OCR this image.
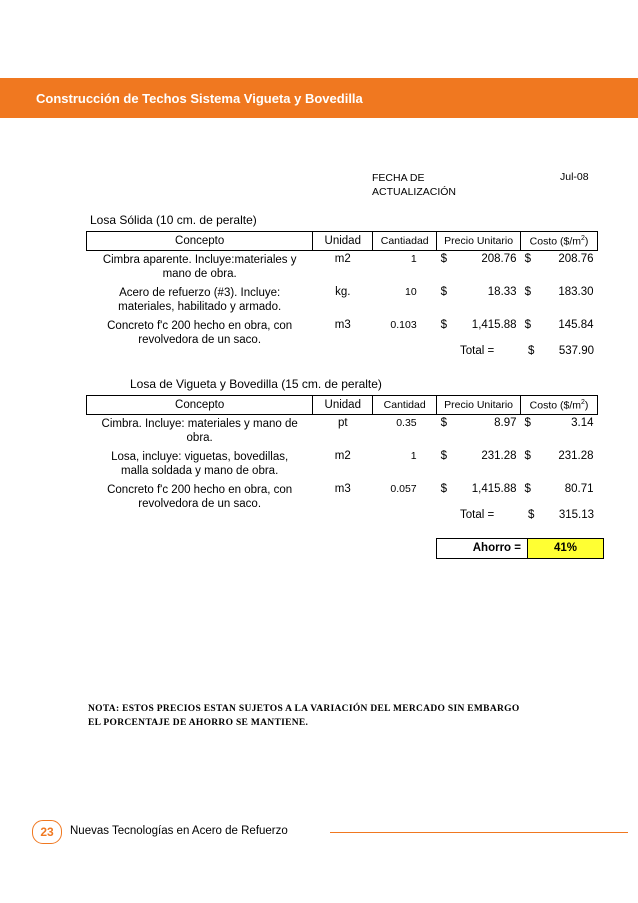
Construcción de Techos Sistema Vigueta y Bovedilla
FECHA DE
ACTUALIZACIÓN
Jul-08
Losa Sólida (10 cm. de peralte)
Concepto	Unidad	Cantiadad	Precio Unitario		Costo $(\$/m^2)$	

Cimbra aparente. Incluye:materiales y
mano de obra.	m2	1	$	208.76	$	208.76

Acero de refuerzo (#3). Incluye:
materiales, habilitado y armado.	kg.	10	$	18.33	$	183.30

Concreto f'c 200 hecho en obra, con
revolvedora de un saco.	m3	0.103	$	1,415.88	$	145.84
Total =	$	537.90
Losa de Vigueta y Bovedilla (15 cm. de peralte)
Concepto	Unidad	Cantidad	Precio Unitario		Costo $(\$/m^2)$	

Cimbra. Incluye: materiales y mano de
obra.	pt	0.35	$	8.97	$	3.14

Losa, incluye: viguetas, bovedillas,
malla soldada y mano de obra.	m2	1	$	231.28	$	231.28

Concreto f'c 200 hecho en obra, con
revolvedora de un saco.	m3	0.057	$	1,415.88	$	80.71
Total =	$	315.13
Ahorro =	41%
NOTA: ESTOS PRECIOS ESTAN SUJETOS A LA VARIACIÓN DEL MERCADO SIN EMBARGO
EL PORCENTAJE DE AHORRO SE MANTIENE.
23	Nuevas Tecnologías en Acero de Refuerzo
